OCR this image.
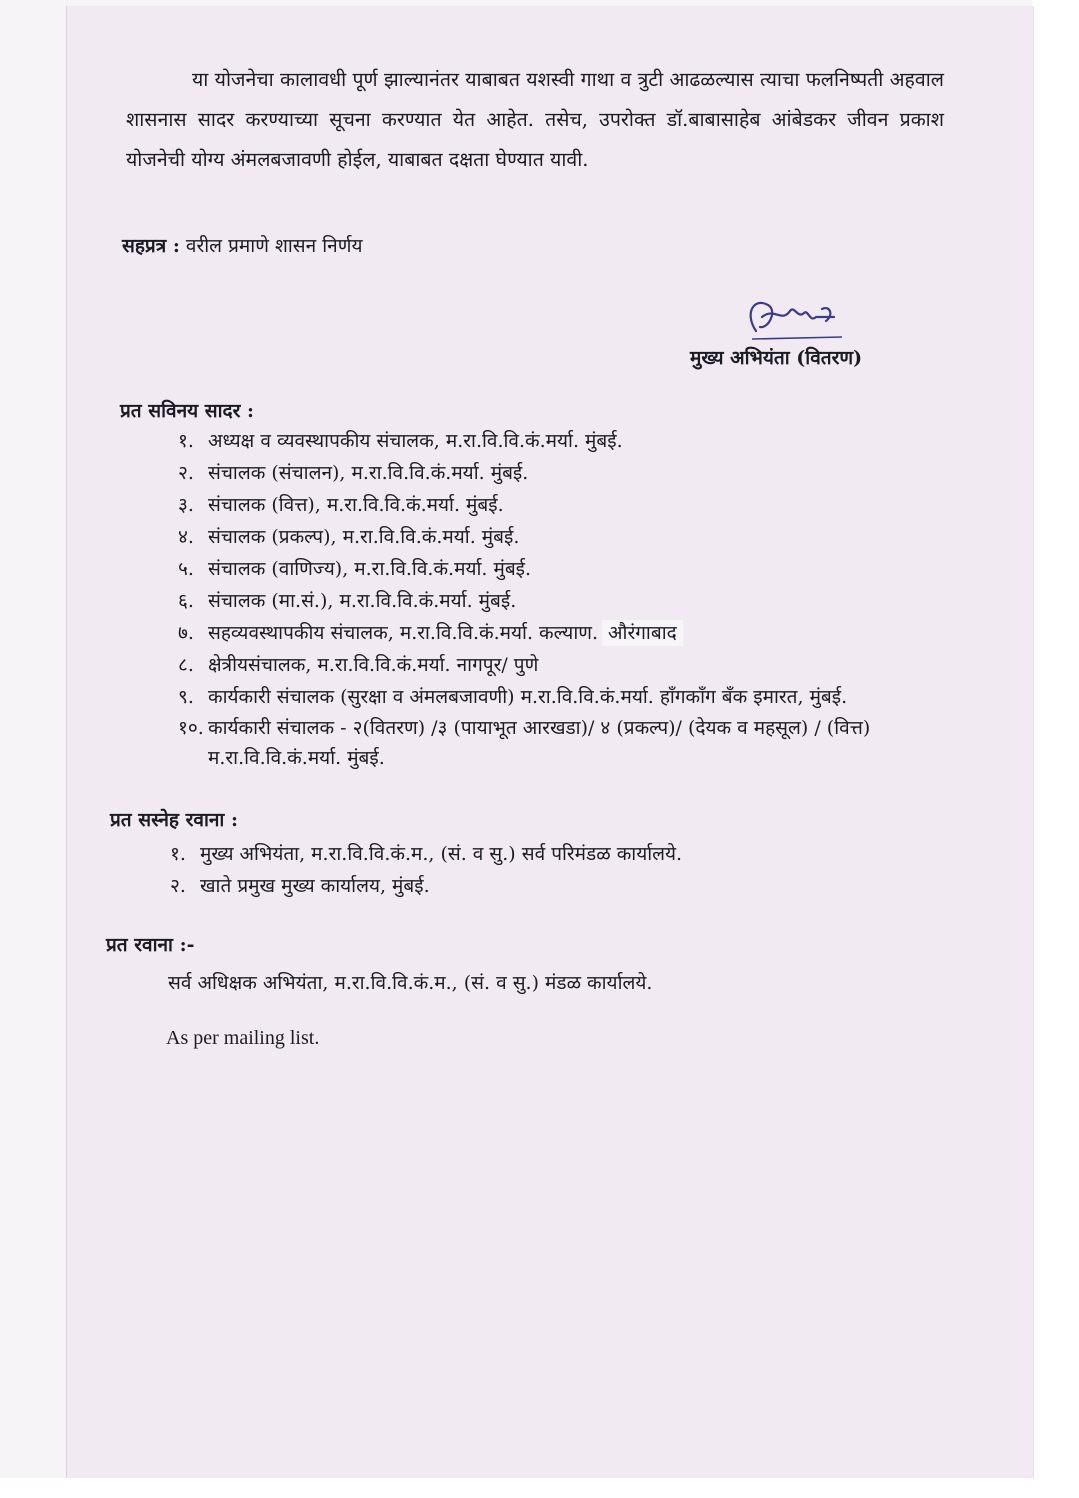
या योजनेचा कालावधी पूर्ण झाल्यानंतर याबाबत यशस्वी गाथा व त्रुटी आढळल्यास त्याचा फलनिष्पती अहवाल शासनास सादर करण्याच्या सूचना करण्यात येत आहेत. तसेच, उपरोक्त डॉ.बाबासाहेब आंबेडकर जीवन प्रकाश योजनेची योग्य अंमलबजावणी होईल, याबाबत दक्षता घेण्यात यावी.

सहप्रत्र : वरील प्रमाणे शासन निर्णय
मुख्य अभियंता (वितरण)
प्रत सविनय सादर :
१. अध्यक्ष व व्यवस्थापकीय संचालक, म.रा.वि.वि.कं.मर्या. मुंबई.
२. संचालक (संचालन), म.रा.वि.वि.कं.मर्या. मुंबई.
३. संचालक (वित्त), म.रा.वि.वि.कं.मर्या. मुंबई.
४. संचालक (प्रकल्प), म.रा.वि.वि.कं.मर्या. मुंबई.
५. संचालक (वाणिज्य), म.रा.वि.वि.कं.मर्या. मुंबई.
६. संचालक (मा.सं.), म.रा.वि.वि.कं.मर्या. मुंबई.
७. सहव्यवस्थापकीय संचालक, म.रा.वि.वि.कं.मर्या. कल्याण. औरंगाबाद
८. क्षेत्रीयसंचालक, म.रा.वि.वि.कं.मर्या. नागपूर/ पुणे
९. कार्यकारी संचालक (सुरक्षा व अंमलबजावणी) म.रा.वि.वि.कं.मर्या. हॉंगकॉंग बँक इमारत, मुंबई.
१०. कार्यकारी संचालक - २(वितरण) /३ (पायाभूत आरखडा)/ ४ (प्रकल्प)/ (देयक व महसूल) / (वित्त)
म.रा.वि.वि.कं.मर्या. मुंबई.
प्रत सस्नेह रवाना :
१. मुख्य अभियंता, म.रा.वि.वि.कं.म., (सं. व सु.) सर्व परिमंडळ कार्यालये.
२. खाते प्रमुख मुख्य कार्यालय, मुंबई.
प्रत रवाना :-
सर्व अधिक्षक अभियंता, म.रा.वि.वि.कं.म., (सं. व सु.) मंडळ कार्यालये.
As per mailing list.
